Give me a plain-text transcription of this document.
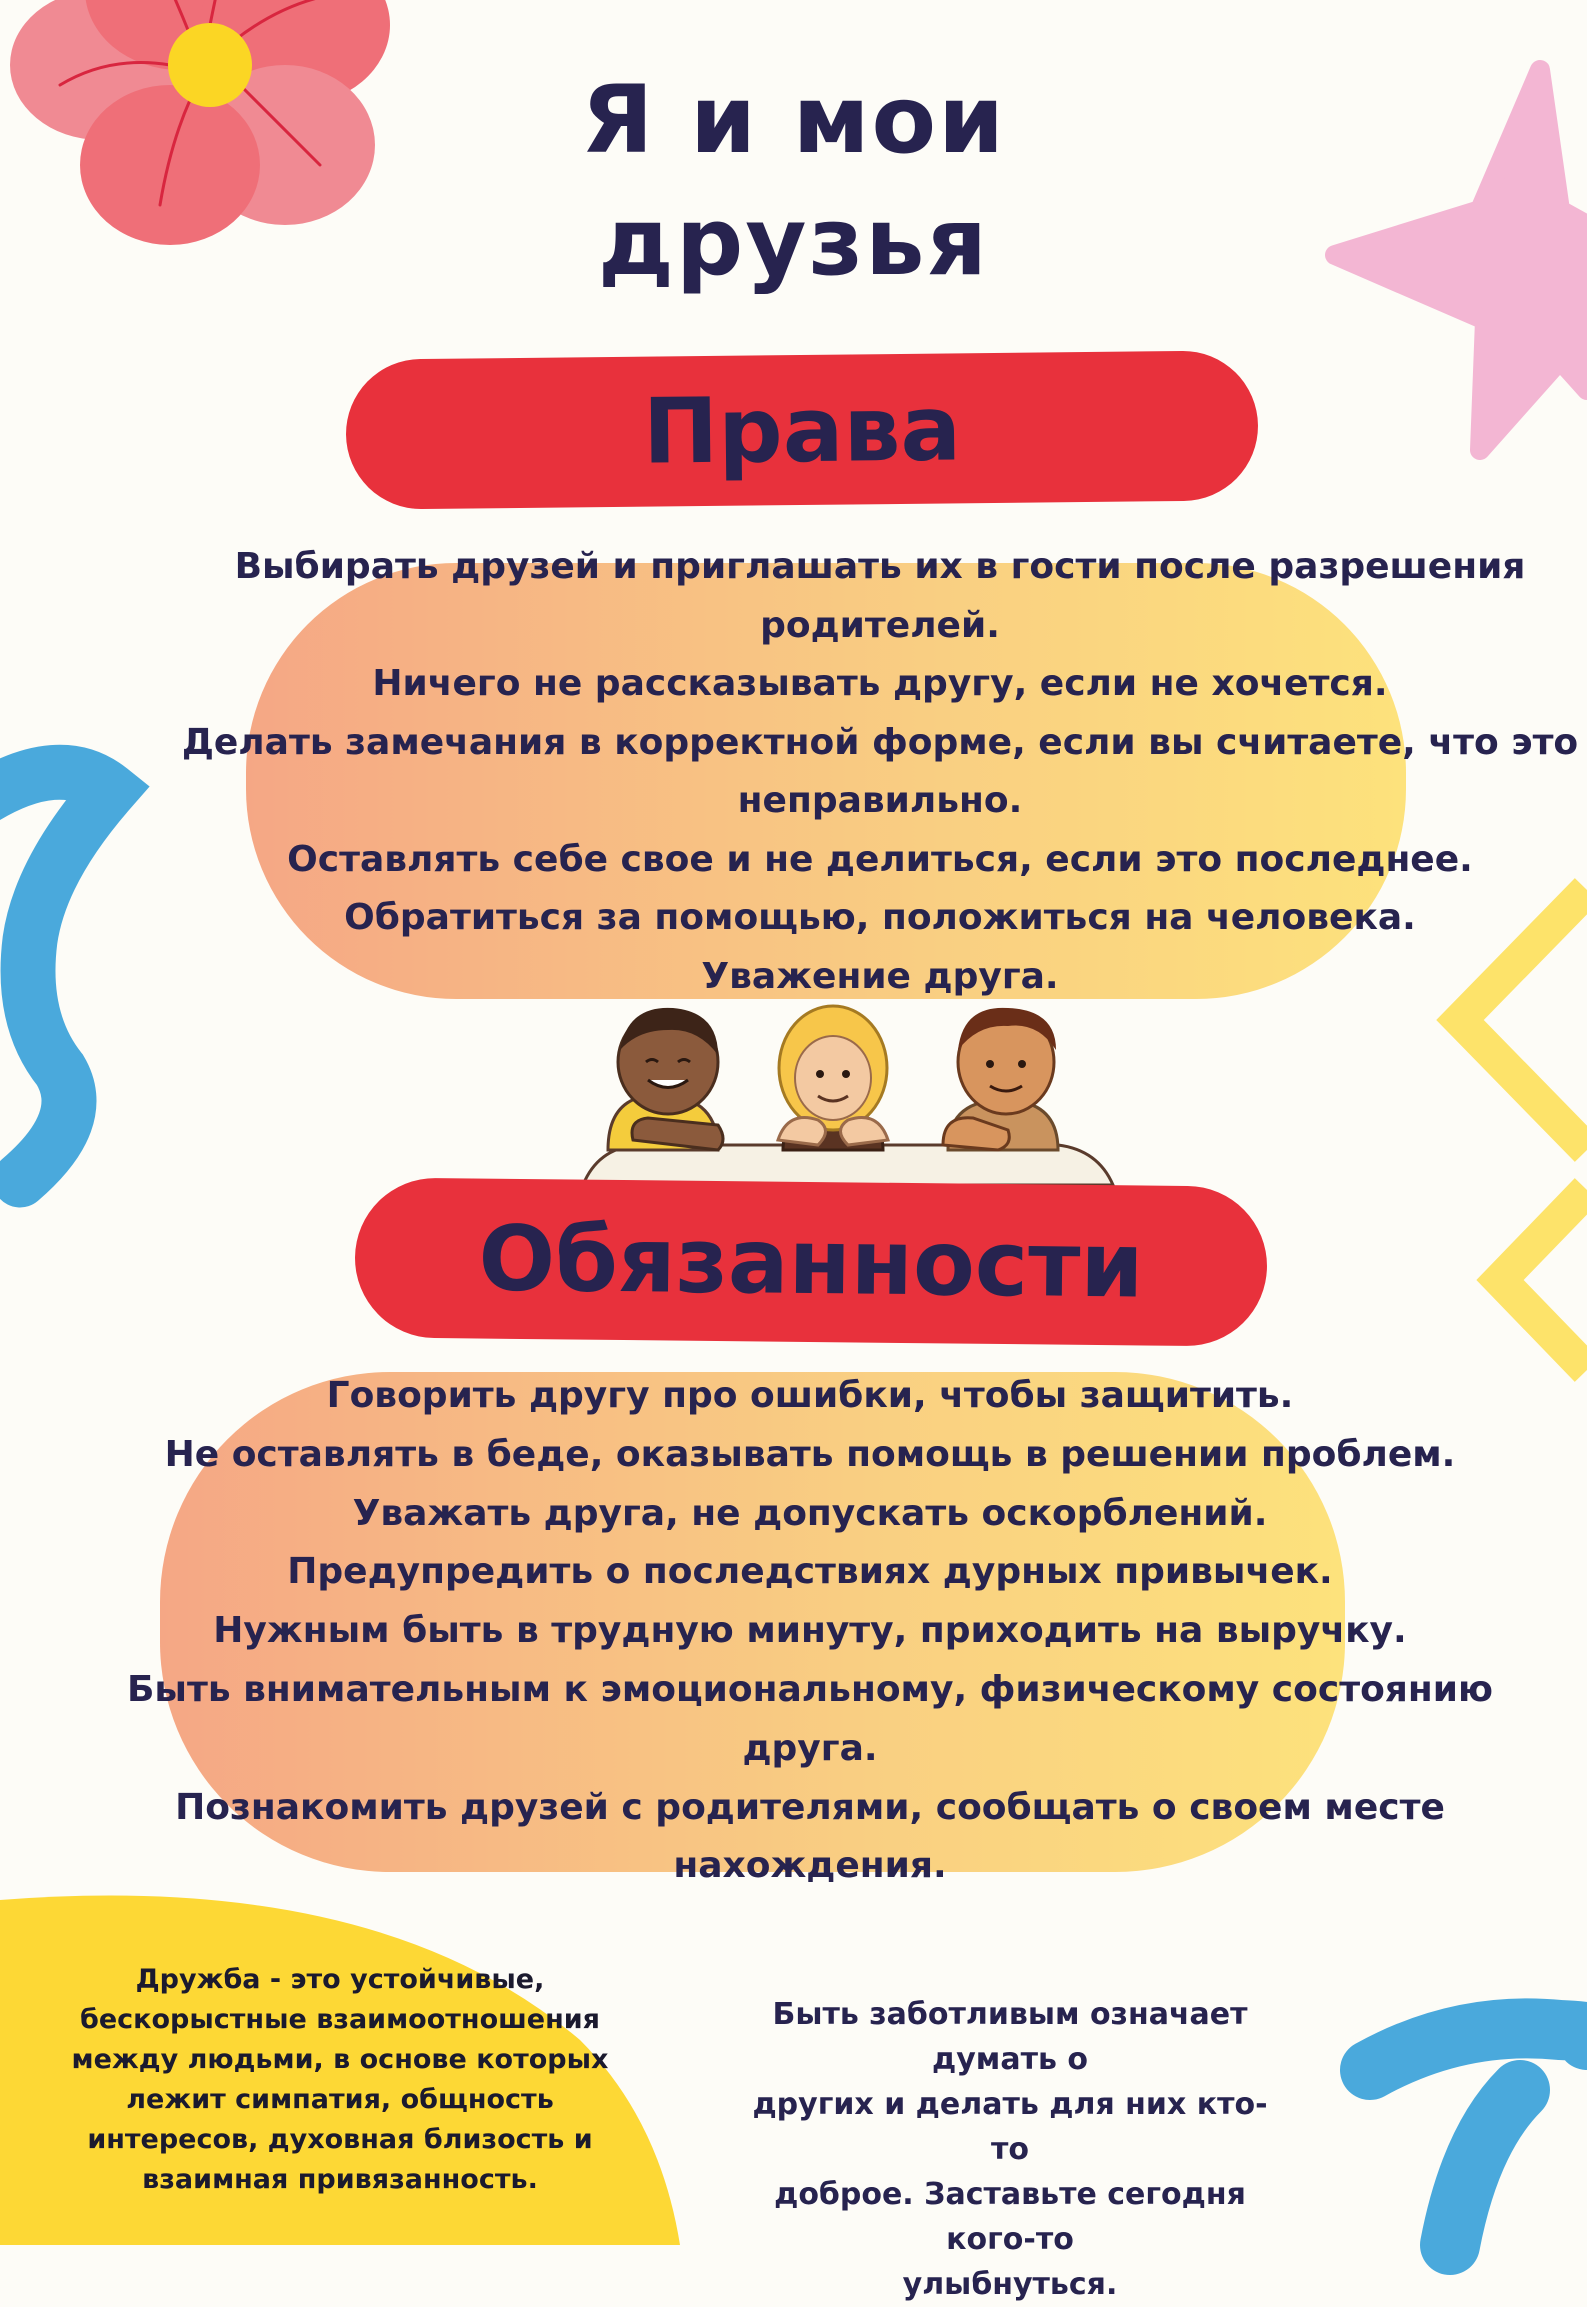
Я и мои
друзья
Права
Выбирать друзей и приглашать их в гости после разрешения
родителей.
Ничего не рассказывать другу, если не хочется.
Делать замечания в корректной форме, если вы считаете, что это
неправильно.
Оставлять себе свое и не делиться, если это последнее.
Обратиться за помощью, положиться на человека.
Уважение друга.
Обязанности
Говорить другу про ошибки, чтобы защитить.
Не оставлять в беде, оказывать помощь в решении проблем.
Уважать друга, не допускать оскорблений.
Предупредить о последствиях дурных привычек.
Нужным быть в трудную минуту, приходить на выручку.
Быть внимательным к эмоциональному, физическому состоянию
друга.
Познакомить друзей с родителями, сообщать о своем месте
нахождения.
Дружба - это устойчивые,
бескорыстные взаимоотношения
между людьми, в основе которых
лежит симпатия, общность
интересов, духовная близость и
взаимная привязанность.
Быть заботливым означает думать о
других и делать для них кто-то
доброе. Заставьте сегодня кого-то
улыбнуться.
